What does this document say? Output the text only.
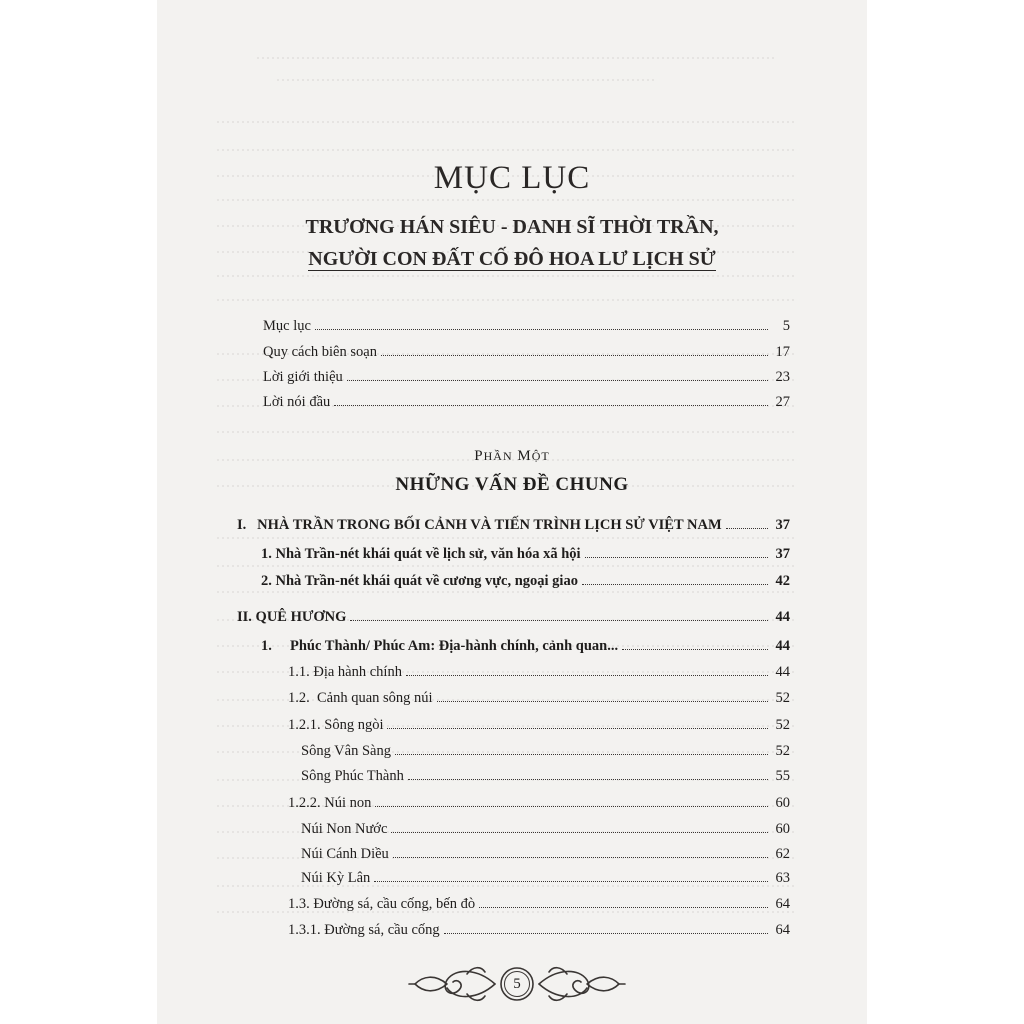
MỤC LỤC
TRƯƠNG HÁN SIÊU - DANH SĨ THỜI TRẦN,
NGƯỜI CON ĐẤT CỐ ĐÔ HOA LƯ LỊCH SỬ
Mục lục	5
Quy cách biên soạn	17
Lời giới thiệu	23
Lời nói đầu	27
PHẦN MỘT
NHỮNG VẤN ĐỀ CHUNG
I.   NHÀ TRẦN TRONG BỐI CẢNH VÀ TIẾN TRÌNH LỊCH SỬ VIỆT NAM	37
1. Nhà Trần-nét khái quát về lịch sử, văn hóa xã hội	37
2. Nhà Trần-nét khái quát về cương vực, ngoại giao	42
II. QUÊ HƯƠNG	44
1.     Phúc Thành/ Phúc Am: Địa-hành chính, cảnh quan...	44
1.1. Địa hành chính	44
1.2.  Cảnh quan sông núi	52
1.2.1. Sông ngòi	52
Sông Vân Sàng	52
Sông Phúc Thành	55
1.2.2. Núi non	60
Núi Non Nước	60
Núi Cánh Diều	62
Núi Kỳ Lân	63
1.3. Đường sá, cầu cống, bến đò	64
1.3.1. Đường sá, cầu cống	64
5
